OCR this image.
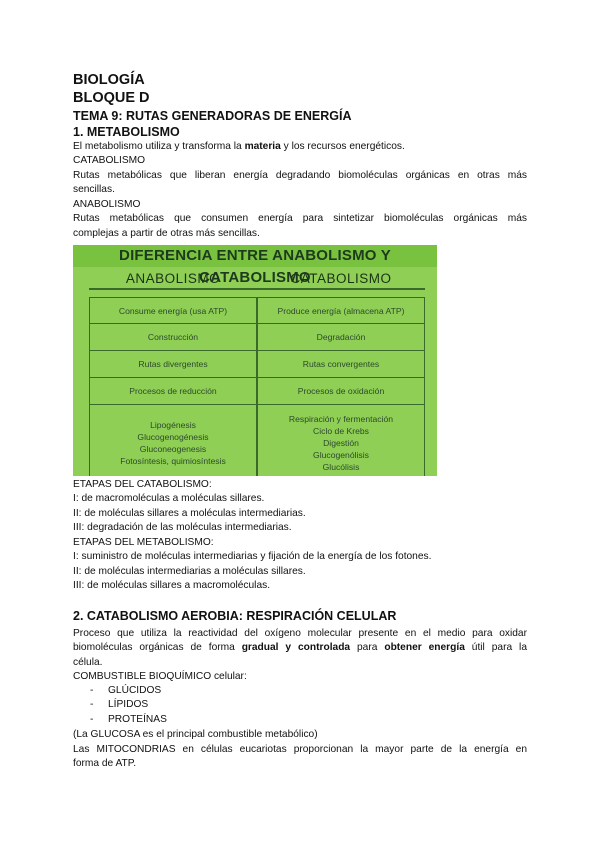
BIOLOGÍA
BLOQUE D
TEMA 9: RUTAS GENERADORAS DE ENERGÍA
1. METABOLISMO
El metabolismo utiliza y transforma la materia y los recursos energéticos.
CATABOLISMO
Rutas metabólicas que liberan energía degradando biomoléculas orgánicas en otras más
sencillas.
ANABOLISMO
Rutas metabólicas que consumen energía para sintetizar biomoléculas orgánicas más
complejas a partir de otras más sencillas.
DIFERENCIA ENTRE ANABOLISMO Y CATABOLISMO
ANABOLISMO
Consume energía (usa ATP)
Construcción
Rutas divergentes
Procesos de reducción
Lipogénesis
Glucogenogénesis
Gluconeogenesis
Fotosíntesis, quimiosíntesis
CATABOLISMO
Produce energía (almacena ATP)
Degradación
Rutas convergentes
Procesos de oxidación
Respiración y fermentación
Ciclo de Krebs
Digestión
Glucogenólisis
Glucólisis
ETAPAS DEL CATABOLISMO:
I: de macromoléculas a moléculas sillares.
II: de moléculas sillares a moléculas intermediarias.
III: degradación de las moléculas intermediarias.
ETAPAS DEL METABOLISMO:
I: suministro de moléculas intermediarias y fijación de la energía de los fotones.
II: de moléculas intermediarias a moléculas sillares.
III: de moléculas sillares a macromoléculas.
2. CATABOLISMO AEROBIA: RESPIRACIÓN CELULAR
Proceso que utiliza la reactividad del oxígeno molecular presente en el medio para oxidar
biomoléculas orgánicas de forma gradual y controlada para obtener energía útil para la
célula.
COMBUSTIBLE BIOQUÍMICO celular:
- GLÚCIDOS
- LÍPIDOS
- PROTEÍNAS
(La GLUCOSA es el principal combustible metabólico)
Las MITOCONDRIAS en células eucariotas proporcionan la mayor parte de la energía en
forma de ATP.
